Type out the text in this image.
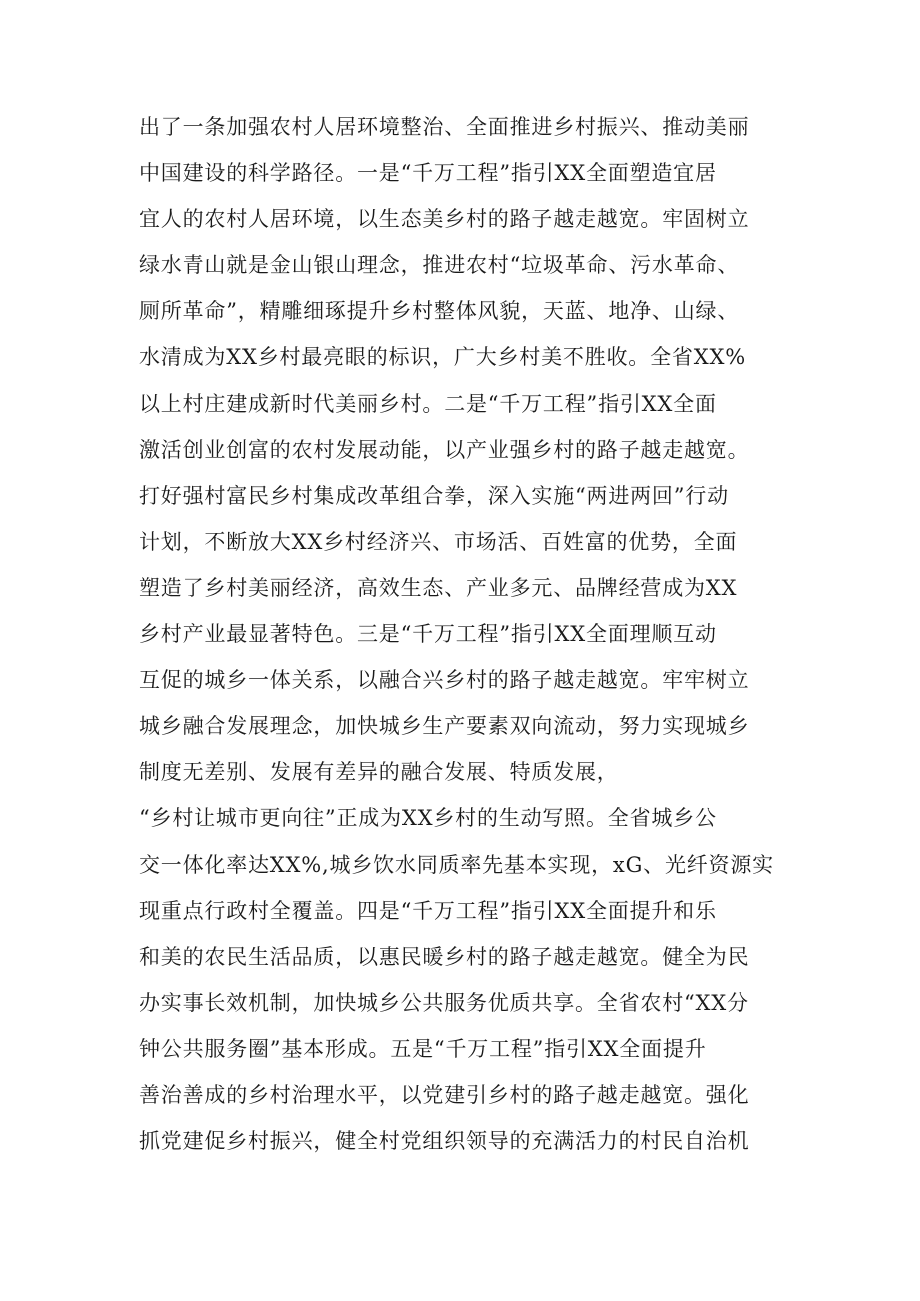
出了一条加强农村人居环境整治、全面推进乡村振兴、推动美丽
中国建设的科学路径。一是“千万工程”指引XX全面塑造宜居
宜人的农村人居环境，以生态美乡村的路子越走越宽。牢固树立
绿水青山就是金山银山理念，推进农村“垃圾革命、污水革命、
厕所革命”，精雕细琢提升乡村整体风貌，天蓝、地净、山绿、
水清成为XX乡村最亮眼的标识，广大乡村美不胜收。全省XX%
以上村庄建成新时代美丽乡村。二是“千万工程”指引XX全面
激活创业创富的农村发展动能，以产业强乡村的路子越走越宽。
打好强村富民乡村集成改革组合拳，深入实施“两进两回”行动
计划，不断放大XX乡村经济兴、市场活、百姓富的优势，全面
塑造了乡村美丽经济，高效生态、产业多元、品牌经营成为XX
乡村产业最显著特色。三是“千万工程”指引XX全面理顺互动
互促的城乡一体关系，以融合兴乡村的路子越走越宽。牢牢树立
城乡融合发展理念，加快城乡生产要素双向流动，努力实现城乡
制度无差别、发展有差异的融合发展、特质发展，
“乡村让城市更向往”正成为XX乡村的生动写照。全省城乡公
交一体化率达XX%,城乡饮水同质率先基本实现，xG、光纤资源实
现重点行政村全覆盖。四是“千万工程”指引XX全面提升和乐
和美的农民生活品质，以惠民暖乡村的路子越走越宽。健全为民
办实事长效机制，加快城乡公共服务优质共享。全省农村“XX分
钟公共服务圈”基本形成。五是“千万工程”指引XX全面提升
善治善成的乡村治理水平，以党建引乡村的路子越走越宽。强化
抓党建促乡村振兴，健全村党组织领导的充满活力的村民自治机
